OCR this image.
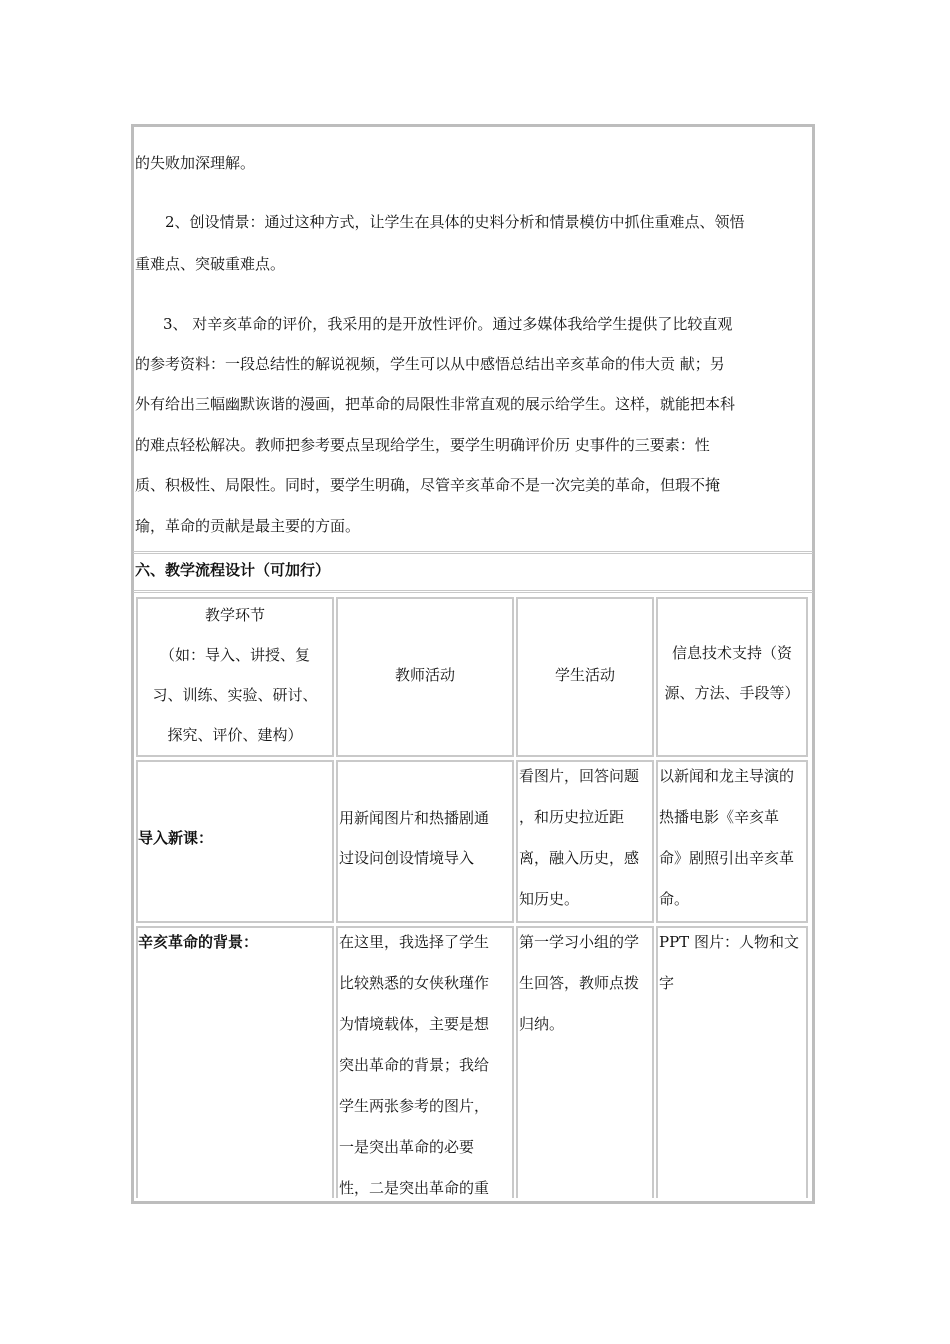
的失败加深理解。
2、创设情景：通过这种方式，让学生在具体的史料分析和情景模仿中抓住重难点、领悟
重难点、突破重难点。
3、 对辛亥革命的评价，我采用的是开放性评价。通过多媒体我给学生提供了比较直观
的参考资料：一段总结性的解说视频，学生可以从中感悟总结出辛亥革命的伟大贡 献；另
外有给出三幅幽默诙谐的漫画，把革命的局限性非常直观的展示给学生。这样，就能把本科
的难点轻松解决。教师把参考要点呈现给学生，要学生明确评价历 史事件的三要素：性
质、积极性、局限性。同时，要学生明确，尽管辛亥革命不是一次完美的革命，但瑕不掩
瑜，革命的贡献是最主要的方面。
六、教学流程设计（可加行）
教学环节
（如：导入、讲授、复
习、训练、实验、研讨、
探究、评价、建构）
教师活动	学生活动
信息技术支持（资
源、方法、手段等）
导入新课：
用新闻图片和热播剧通
过设问创设情境导入
看图片，回答问题
，和历史拉近距
离，融入历史，感
知历史。
以新闻和龙主导演的
热播电影《辛亥革
命》剧照引出辛亥革
命。
辛亥革命的背景：	在这里，我选择了学生
比较熟悉的女侠秋瑾作
为情境载体，主要是想
突出革命的背景；我给
学生两张参考的图片，
一是突出革命的必要
性，二是突出革命的重
第一学习小组的学
生回答，教师点拨
归纳。
PPT 图片：人物和文
字
